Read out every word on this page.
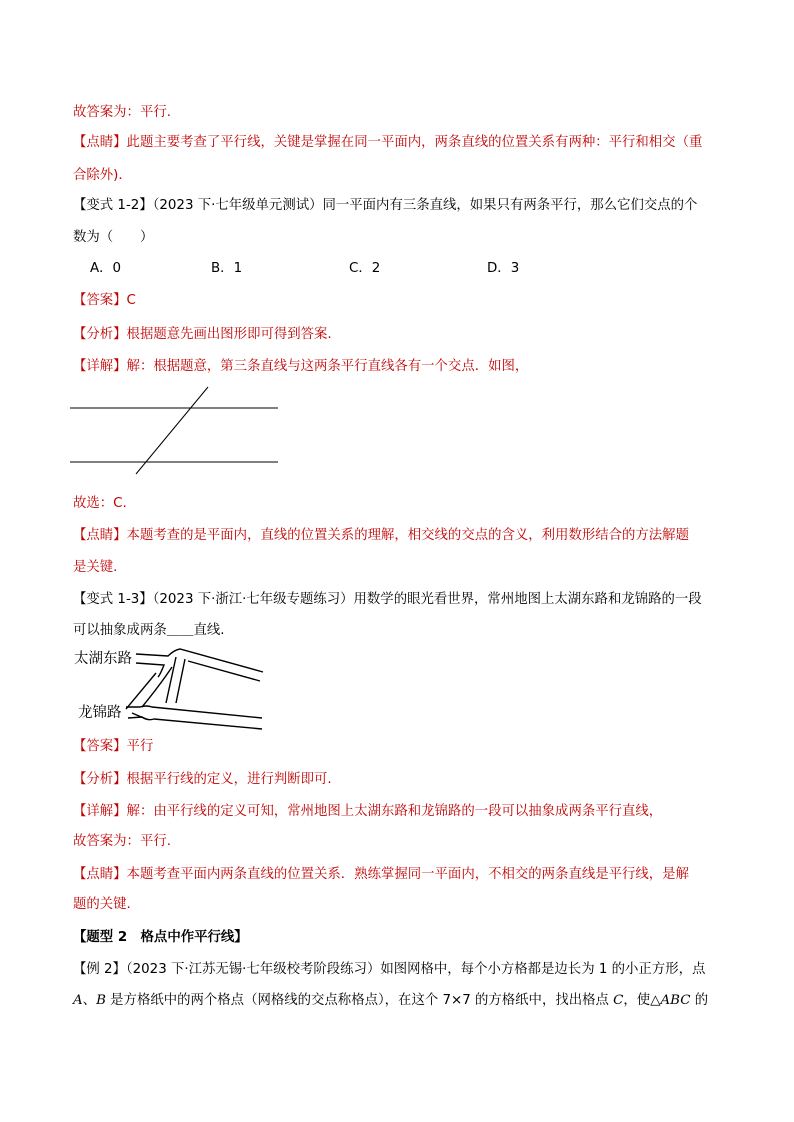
故答案为：平行.
【点睛】此题主要考查了平行线，关键是掌握在同一平面内，两条直线的位置关系有两种：平行和相交（重
合除外).
【变式 1-2】（2023 下·七年级单元测试）同一平面内有三条直线，如果只有两条平行，那么它们交点的个
数为（　　）
A．0	B．1	C．2	D．3
【答案】C
【分析】根据题意先画出图形即可得到答案.
【详解】解：根据题意，第三条直线与这两条平行直线各有一个交点．如图，
故选：C.
【点睛】本题考查的是平面内，直线的位置关系的理解，相交线的交点的含义，利用数形结合的方法解题
是关键.
【变式 1-3】（2023 下·浙江·七年级专题练习）用数学的眼光看世界，常州地图上太湖东路和龙锦路的一段
可以抽象成两条＿＿直线.
太湖东路
龙锦路
【答案】平行
【分析】根据平行线的定义，进行判断即可.
【详解】解：由平行线的定义可知，常州地图上太湖东路和龙锦路的一段可以抽象成两条平行直线，
故答案为：平行.
【点睛】本题考查平面内两条直线的位置关系．熟练掌握同一平面内，不相交的两条直线是平行线，是解
题的关键.
【题型 2　格点中作平行线】
【例 2】（2023 下·江苏无锡·七年级校考阶段练习）如图网格中，每个小方格都是边长为 1 的小正方形，点
A、B 是方格纸中的两个格点（网格线的交点称格点），在这个 7×7 的方格纸中，找出格点 C，使△ABC 的
